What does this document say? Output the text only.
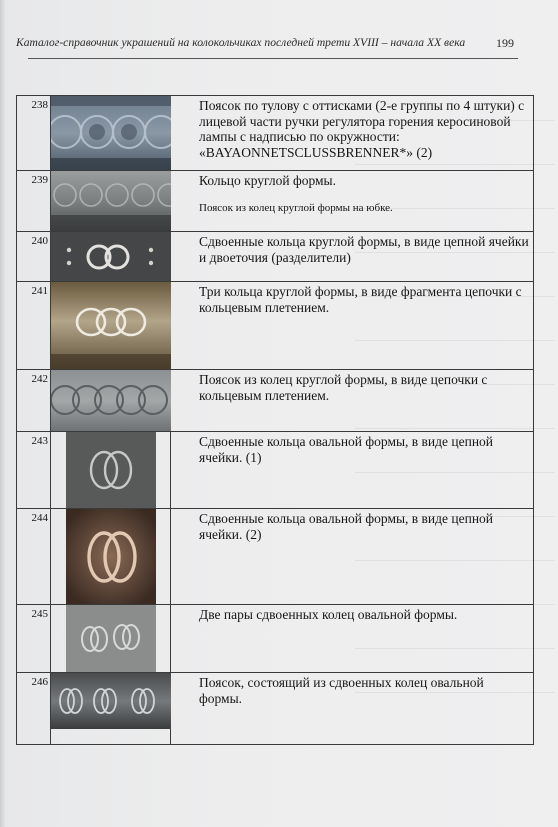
Каталог-справочник украшений на колокольчиках последней трети XVIII – начала XX века	199
238		Поясок по тулову с оттисками (2-е группы по 4 штуки) с лицевой части ручки регулятора горения керосиновой лампы с надписью по окружности: «BAYAONNETSCLUSSBRENNER*» (2)
239		Кольцо круглой формы.
Поясок из колец круглой формы на юбке.

240		Сдвоенные кольца круглой формы, в виде цепной ячейки и двоеточия (разделители)
241		Три кольца круглой формы, в виде фрагмента цепочки с кольцевым плетением.
242		Поясок из колец круглой формы, в виде цепочки с кольцевым плетением.
243		Сдвоенные кольца овальной формы, в виде цепной ячейки. (1)
244		Сдвоенные кольца овальной формы, в виде цепной ячейки. (2)
245		Две пары сдвоенных колец овальной формы.
246		Поясок, состоящий из сдвоенных колец овальной формы.
